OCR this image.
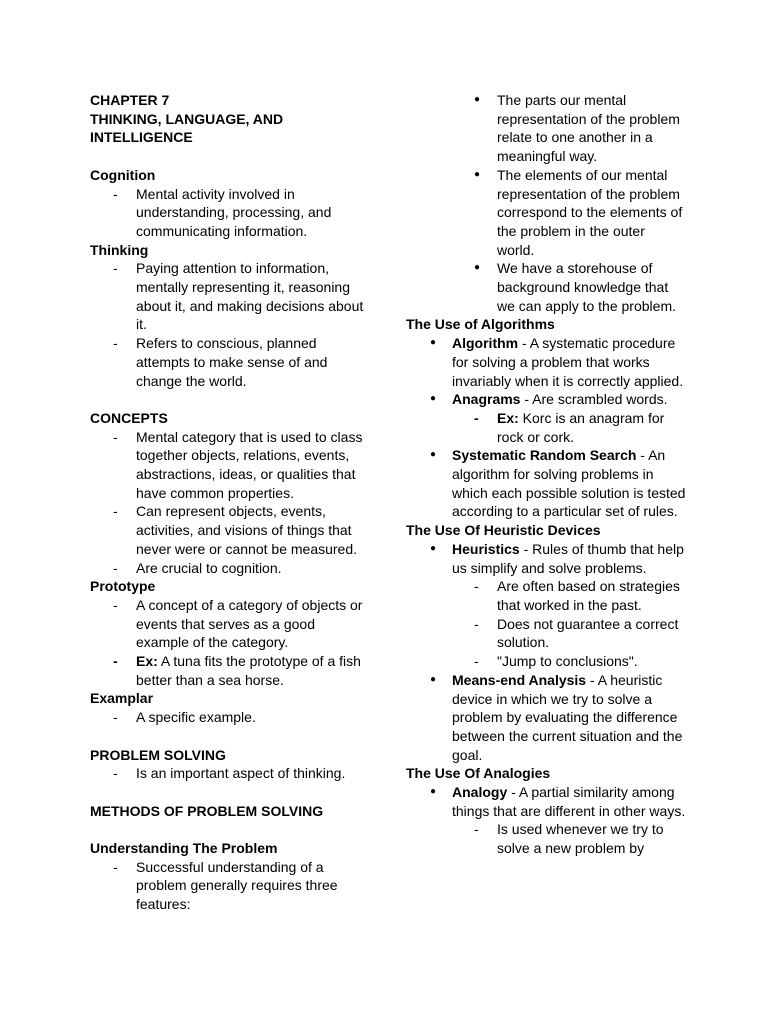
CHAPTER 7
THINKING, LANGUAGE, AND
INTELLIGENCE
Cognition
- Mental activity involved in understanding, processing, and communicating information.
Thinking
- Paying attention to information, mentally representing it, reasoning about it, and making decisions about it.
- Refers to conscious, planned attempts to make sense of and change the world.
CONCEPTS
- Mental category that is used to class together objects, relations, events, abstractions, ideas, or qualities that have common properties.
- Can represent objects, events, activities, and visions of things that never were or cannot be measured.
- Are crucial to cognition.
Prototype
- A concept of a category of objects or events that serves as a good example of the category.
- Ex: A tuna fits the prototype of a fish better than a sea horse.
Examplar
- A specific example.
PROBLEM SOLVING
- Is an important aspect of thinking.
METHODS OF PROBLEM SOLVING
Understanding The Problem
- Successful understanding of a problem generally requires three features:
● The parts our mental representation of the problem relate to one another in a meaningful way.
● The elements of our mental representation of the problem correspond to the elements of the problem in the outer world.
● We have a storehouse of background knowledge that we can apply to the problem.
The Use of Algorithms
● Algorithm - A systematic procedure for solving a problem that works invariably when it is correctly applied.
● Anagrams - Are scrambled words.
- Ex: Korc is an anagram for rock or cork.
● Systematic Random Search - An algorithm for solving problems in which each possible solution is tested according to a particular set of rules.
The Use Of Heuristic Devices
● Heuristics - Rules of thumb that help us simplify and solve problems.
- Are often based on strategies that worked in the past.
- Does not guarantee a correct solution.
- "Jump to conclusions".
● Means-end Analysis - A heuristic device in which we try to solve a problem by evaluating the difference between the current situation and the goal.
The Use Of Analogies
● Analogy - A partial similarity among things that are different in other ways.
- Is used whenever we try to solve a new problem by
